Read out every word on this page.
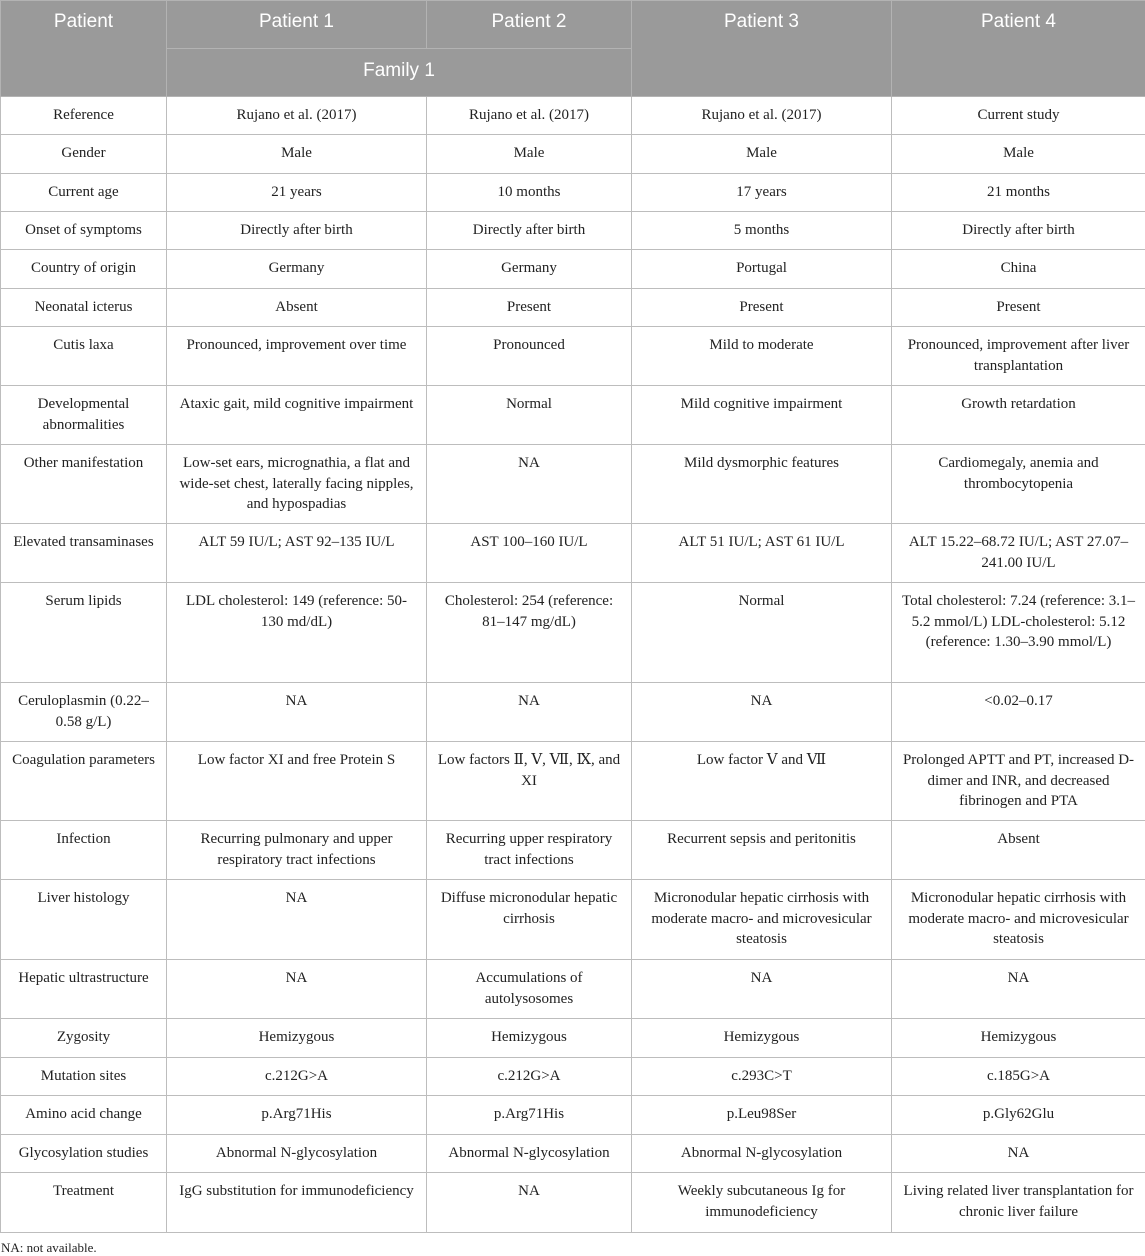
Patient	Patient 1	Patient 2	Patient 3	Patient 4
	Family 1			
Reference	Rujano et al. (2017)	Rujano et al. (2017)	Rujano et al. (2017)	Current study
Gender	Male	Male	Male	Male
Current age	21 years	10 months	17 years	21 months
Onset of symptoms	Directly after birth	Directly after birth	5 months	Directly after birth
Country of origin	Germany	Germany	Portugal	China
Neonatal icterus	Absent	Present	Present	Present
Cutis laxa	Pronounced, improvement over time	Pronounced	Mild to moderate	Pronounced, improvement after liver transplantation
Developmental abnormalities	Ataxic gait, mild cognitive impairment	Normal	Mild cognitive impairment	Growth retardation
Other manifestation	Low-set ears, micrognathia, a flat and wide-set chest, laterally facing nipples, and hypospadias	NA	Mild dysmorphic features	Cardiomegaly, anemia and thrombocytopenia
Elevated transaminases	ALT 59 IU/L; AST 92–135 IU/L	AST 100–160 IU/L	ALT 51 IU/L; AST 61 IU/L	ALT 15.22–68.72 IU/L; AST 27.07–241.00 IU/L
Serum lipids	LDL cholesterol: 149 (reference: 50-130 md/dL)	Cholesterol: 254 (reference: 81–147 mg/dL)	Normal	Total cholesterol: 7.24 (reference: 3.1–5.2 mmol/L) LDL-cholesterol: 5.12 (reference: 1.30–3.90 mmol/L)
Ceruloplasmin (0.22–0.58 g/L)	NA	NA	NA	<0.02–0.17
Coagulation parameters	Low factor XI and free Protein S	Low factors Ⅱ, Ⅴ, Ⅶ, Ⅸ, and XI	Low factor Ⅴ and Ⅶ	Prolonged APTT and PT, increased D-dimer and INR, and decreased fibrinogen and PTA
Infection	Recurring pulmonary and upper respiratory tract infections	Recurring upper respiratory tract infections	Recurrent sepsis and peritonitis	Absent
Liver histology	NA	Diffuse micronodular hepatic cirrhosis	Micronodular hepatic cirrhosis with moderate macro- and microvesicular steatosis	Micronodular hepatic cirrhosis with moderate macro- and microvesicular steatosis
Hepatic ultrastructure	NA	Accumulations of autolysosomes	NA	NA
Zygosity	Hemizygous	Hemizygous	Hemizygous	Hemizygous
Mutation sites	c.212G>A	c.212G>A	c.293C>T	c.185G>A
Amino acid change	p.Arg71His	p.Arg71His	p.Leu98Ser	p.Gly62Glu
Glycosylation studies	Abnormal N-glycosylation	Abnormal N-glycosylation	Abnormal N-glycosylation	NA
Treatment	IgG substitution for immunodeficiency	NA	Weekly subcutaneous Ig for immunodeficiency	Living related liver transplantation for chronic liver failure

NA: not available.
